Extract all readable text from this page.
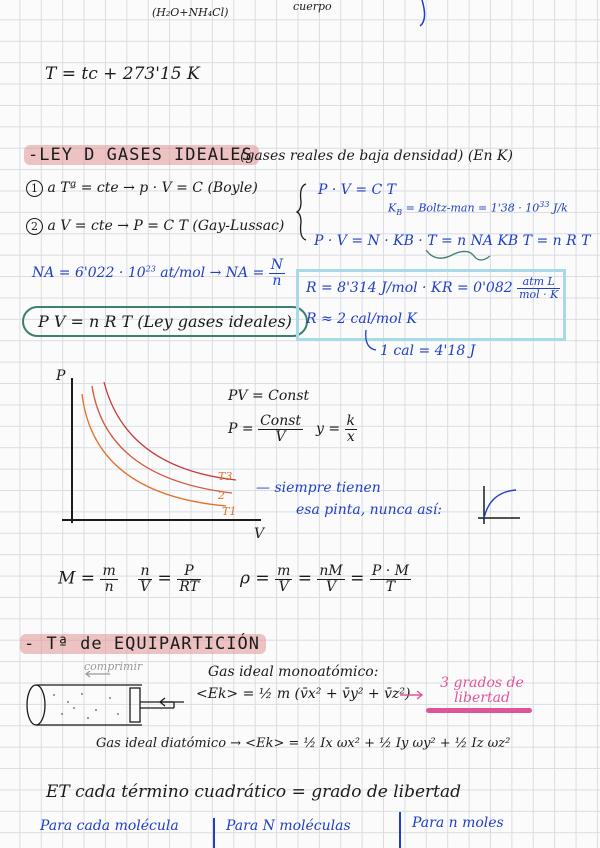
(H₂O+NH₄Cl)	cuerpo
T = tc + 273'15 K
-LEY D GASES IDEALES
(gases reales de baja densidad) (En K)
1 a Tª = cte → p · V = C (Boyle)
2 a V = cte → P = C T (Gay-Lussac)
P · V = C T
$K_B$ = Boltz-man = $1'38 \cdot 10^{33}$ J/k
P · V = N · KB · T = n NA KB T = n R T
NA = $6'022 \cdot 10^{23}$ at/mol → NA = $\frac{N}{n}$
P V = n R T (Ley gases ideales)
R = 8'314 J/mol · K $R = 0'082 \frac{\text{atm L}}{\text{mol · K}}$
R ≈ 2 cal/mol K
1 cal = 4'18 J
P
V
T3
2
T1
PV = Const
$P = \frac{\text{Const}}{V}$ $y = \frac{k}{x}$
— siempre tienen
esa pinta, nunca así:
$M = \frac{m}{n} \frac{n}{V} = \frac{P}{RT}$ $\rho = \frac{m}{V} = \frac{nM}{V} = \frac{P \cdot M}{T}$
- Tª de EQUIPARTICIÓN
comprimir	Gas ideal monoatómico:
<Ek> = ½ m (v̄x² + v̄y² + v̄z²)
3 grados de libertad
Gas ideal diatómico → <Ek> = ½ Ix ωx² + ½ Iy ωy² + ½ Iz ωz²
ET cada término cuadrático = grado de libertad
Para cada molécula	Para N moléculas	Para n moles
